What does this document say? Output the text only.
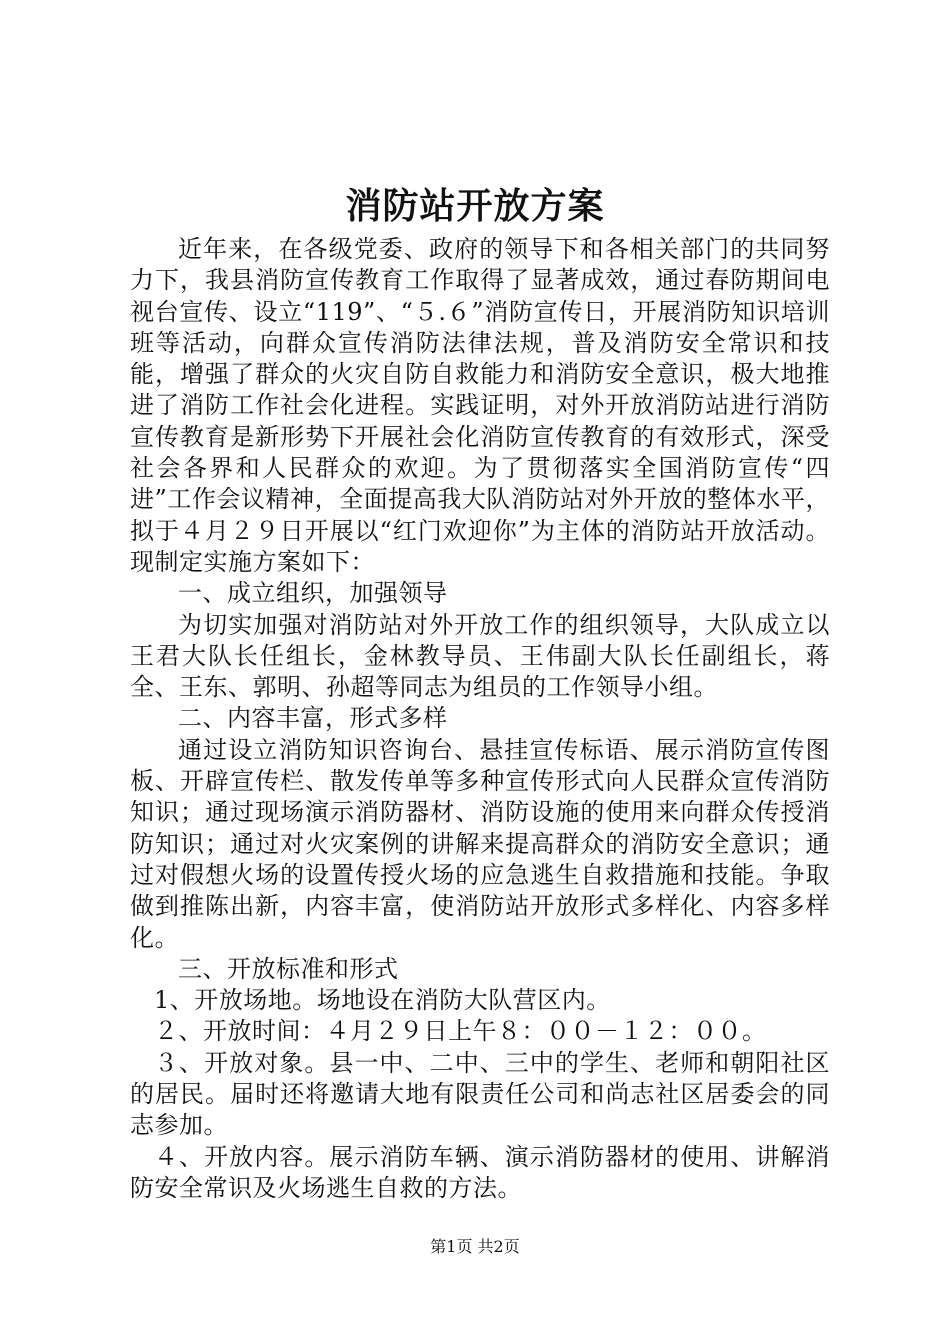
消防站开放方案

近年来，在各级党委、政府的领导下和各相关部门的共同努力下，我县消防宣传教育工作取得了显著成效，通过春防期间电视台宣传、设立“119”、“５.６”消防宣传日，开展消防知识培训班等活动，向群众宣传消防法律法规，普及消防安全常识和技能，增强了群众的火灾自防自救能力和消防安全意识，极大地推进了消防工作社会化进程。实践证明，对外开放消防站进行消防宣传教育是新形势下开展社会化消防宣传教育的有效形式，深受社会各界和人民群众的欢迎。为了贯彻落实全国消防宣传“四进”工作会议精神，全面提高我大队消防站对外开放的整体水平，拟于４月２９日开展以“红门欢迎你”为主体的消防站开放活动。现制定实施方案如下：

一、成立组织，加强领导

为切实加强对消防站对外开放工作的组织领导，大队成立以王君大队长任组长，金林教导员、王伟副大队长任副组长，蒋全、王东、郭明、孙超等同志为组员的工作领导小组。

二、内容丰富，形式多样

通过设立消防知识咨询台、悬挂宣传标语、展示消防宣传图板、开辟宣传栏、散发传单等多种宣传形式向人民群众宣传消防知识；通过现场演示消防器材、消防设施的使用来向群众传授消防知识；通过对火灾案例的讲解来提高群众的消防安全意识；通过对假想火场的设置传授火场的应急逃生自救措施和技能。争取做到推陈出新，内容丰富，使消防站开放形式多样化、内容多样化。

三、开放标准和形式

1、开放场地。场地设在消防大队营区内。

２、开放时间：４月２９日上午８：００－１２：００。

３、开放对象。县一中、二中、三中的学生、老师和朝阳社区的居民。届时还将邀请大地有限责任公司和尚志社区居委会的同志参加。

４、开放内容。展示消防车辆、演示消防器材的使用、讲解消防安全常识及火场逃生自救的方法。

第1页 共2页
